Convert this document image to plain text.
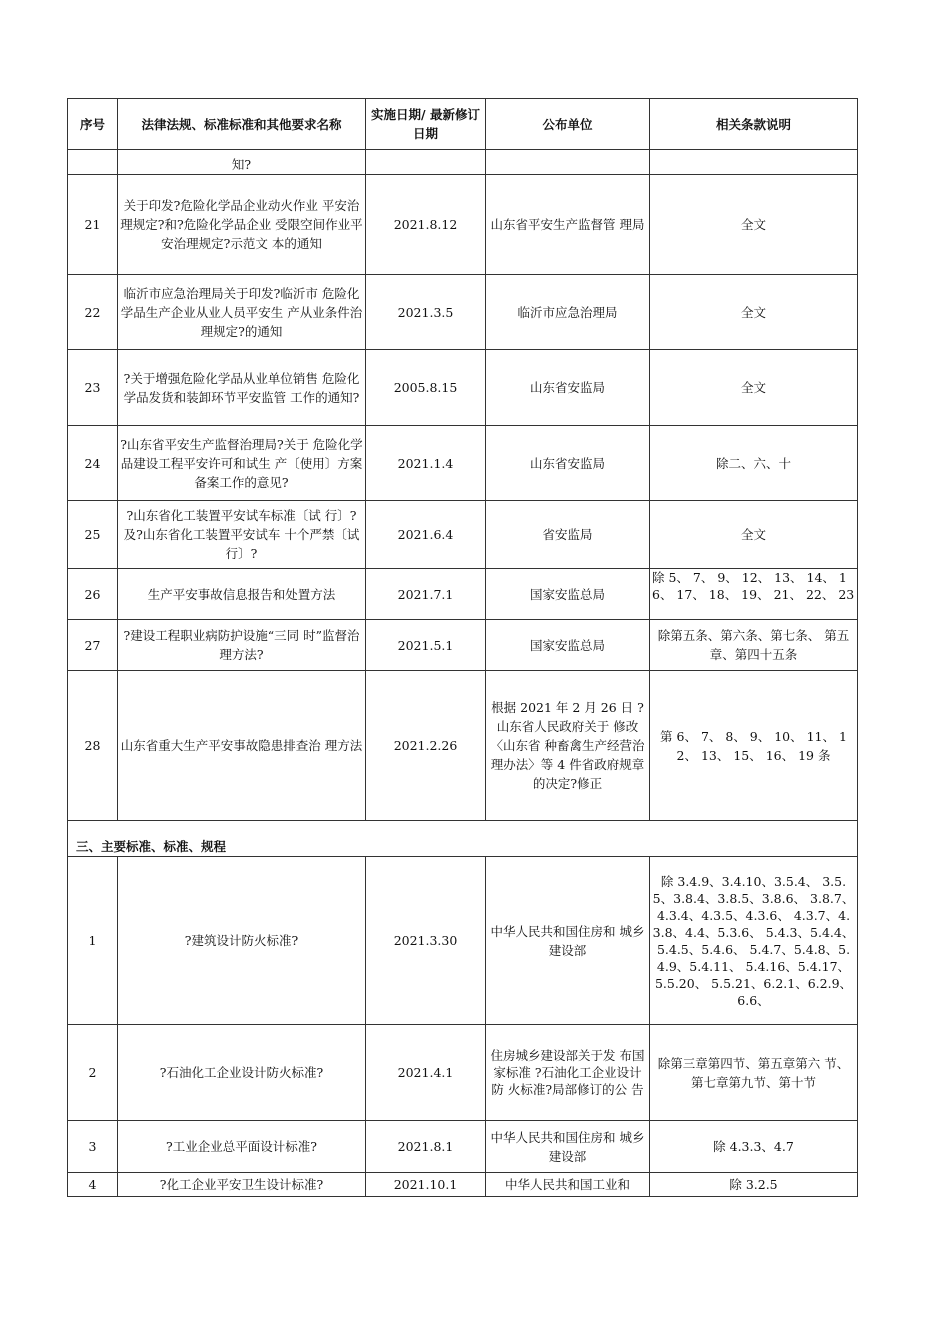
序号	法律法规、标准标准和其他要求名称	实施日期/ 最新修订日期	公布单位	相关条款说明
	知?			
21	关于印发?危险化学品企业动火作业 平安治理规定?和?危险化学品企业 受限空间作业平安治理规定?示范文 本的通知	2021.8.12	山东省平安生产监督管 理局	全文
22	临沂市应急治理局关于印发?临沂市 危险化学品生产企业从业人员平安生 产从业条件治理规定?的通知	2021.3.5	临沂市应急治理局	全文
23	?关于增强危险化学品从业单位销售 危险化学品发货和装卸环节平安监管 工作的通知?	2005.8.15	山东省安监局	全文
24	?山东省平安生产监督治理局?关于 危险化学品建设工程平安许可和试生 产〔使用〕方案备案工作的意见?	2021.1.4	山东省安监局	除二、六、十
25	?山东省化工装置平安试车标准〔试 行〕?及?山东省化工装置平安试车 十个严禁〔试行〕?	2021.6.4	省安监局	全文
26	生产平安事故信息报告和处置方法	2021.7.1	国家安监总局	除 5、 7、 9、 12、 13、 14、 16、 17、 18、 19、 21、 22、 23

27	?建设工程职业病防护设施“三同 时”监督治理方法?	2021.5.1	国家安监总局	除第五条、第六条、第七条、 第五章、第四十五条
28	山东省重大生产平安事故隐患排查治 理方法	2021.2.26	根据 2021 年 2 月 26 日 ?山东省人民政府关于 修改〈山东省 种畜禽生产经营治理办法〉等 4 件省政府规章 的决定?修正	第 6、 7、 8、 9、 10、 11、 12、 13、 15、 16、 19 条
三、主要标准、标准、规程				
1	?建筑设计防火标准?	2021.3.30	中华人民共和国住房和 城乡建设部	除 3.4.9、3.4.10、3.5.4、 3.5.5、3.8.4、3.8.5、3.8.6、 3.8.7、4.3.4、4.3.5、4.3.6、 4.3.7、4.3.8、4.4、5.3.6、 5.4.3、5.4.4、5.4.5、5.4.6、 5.4.7、5.4.8、5.4.9、5.4.11、 5.4.16、5.4.17、5.5.20、 5.5.21、6.2.1、6.2.9、6.6、
2	?石油化工企业设计防火标准?	2021.4.1	住房城乡建设部关于发 布国家标准 ?石油化工企业设计防 火标准?局部修订的公 告	除第三章第四节、第五章第六 节、第七章第九节、第十节
3	?工业企业总平面设计标准?	2021.8.1	中华人民共和国住房和 城乡建设部	除 4.3.3、4.7
4	?化工企业平安卫生设计标准?	2021.10.1	中华人民共和国工业和	除 3.2.5
